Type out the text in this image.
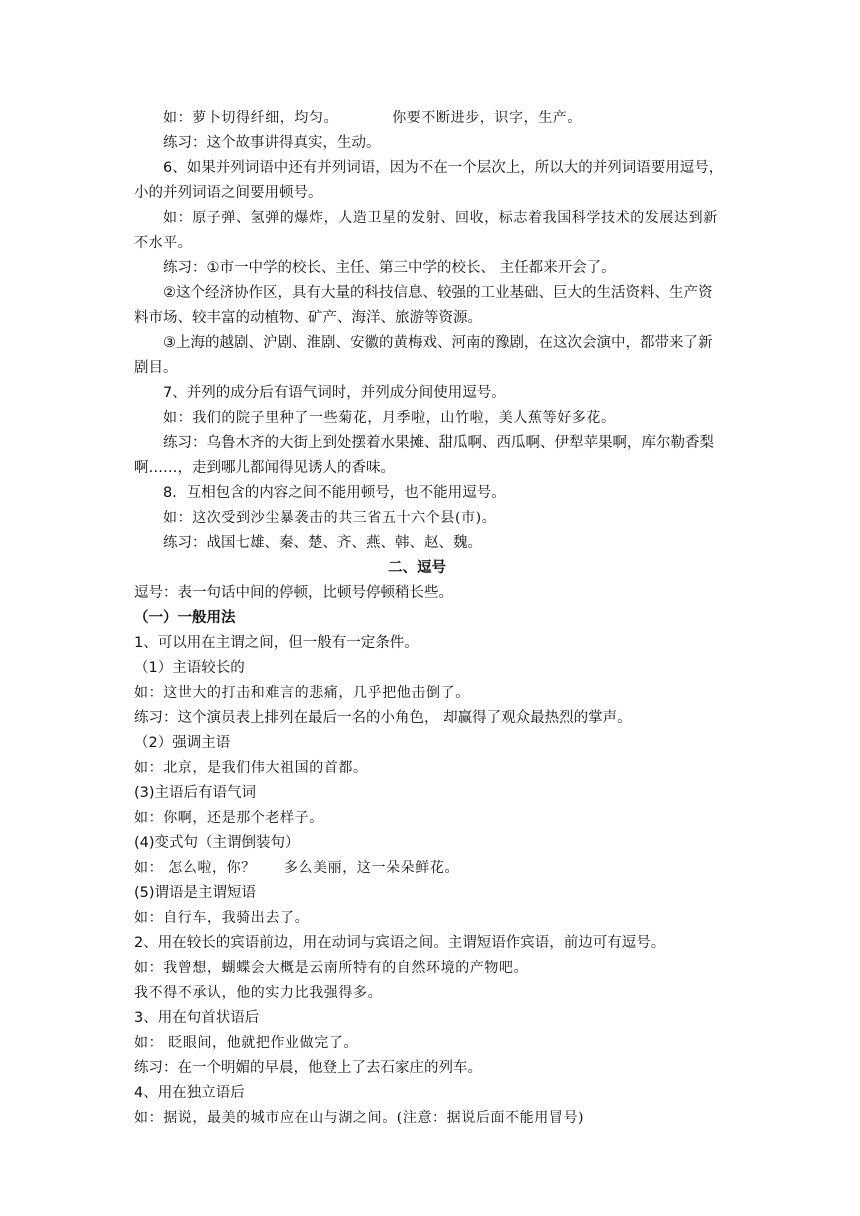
如：萝卜切得纤细，均匀。	你要不断进步，识字，生产。
练习：这个故事讲得真实，生动。
6、如果并列词语中还有并列词语，因为不在一个层次上，所以大的并列词语要用逗号，
小的并列词语之间要用顿号。
如：原子弹、氢弹的爆炸，人造卫星的发射、回收，标志着我国科学技术的发展达到新
不水平。
练习：①市一中学的校长、主任、第三中学的校长、 主任都来开会了。
②这个经济协作区，具有大量的科技信息、较强的工业基础、巨大的生活资料、生产资
料市场、较丰富的动植物、矿产、海洋、旅游等资源。
③上海的越剧、沪剧、淮剧、安徽的黄梅戏、河南的豫剧，在这次会演中，都带来了新
剧目。
7、并列的成分后有语气词时，并列成分间使用逗号。
如：我们的院子里种了一些菊花，月季啦，山竹啦，美人蕉等好多花。
练习：乌鲁木齐的大街上到处摆着水果摊、甜瓜啊、西瓜啊、伊犁苹果啊，库尔勒香梨
啊……，走到哪儿都闻得见诱人的香味。
8．互相包含的内容之间不能用顿号，也不能用逗号。
如：这次受到沙尘暴袭击的共三省五十六个县(市)。
练习：战国七雄、秦、楚、齐、燕、韩、赵、魏。
二、逗号
逗号：表一句话中间的停顿，比顿号停顿稍长些。
（一）一般用法
1、可以用在主谓之间，但一般有一定条件。
（1）主语较长的
如：这世大的打击和难言的悲痛，几乎把他击倒了。
练习：这个演员表上排列在最后一名的小角色， 却赢得了观众最热烈的掌声。
（2）强调主语
如：北京，是我们伟大祖国的首都。
(3)主语后有语气词
如：你啊，还是那个老样子。
(4)变式句（主谓倒装句）
如： 怎么啦，你？ 多么美丽，这一朵朵鲜花。
(5)谓语是主谓短语
如：自行车，我骑出去了。
2、用在较长的宾语前边，用在动词与宾语之间。主谓短语作宾语，前边可有逗号。
如：我曾想，蝴蝶会大概是云南所特有的自然环境的产物吧。
我不得不承认，他的实力比我强得多。
3、用在句首状语后
如： 眨眼间，他就把作业做完了。
练习：在一个明媚的早晨，他登上了去石家庄的列车。
4、用在独立语后
如：据说，最美的城市应在山与湖之间。(注意：据说后面不能用冒号)
